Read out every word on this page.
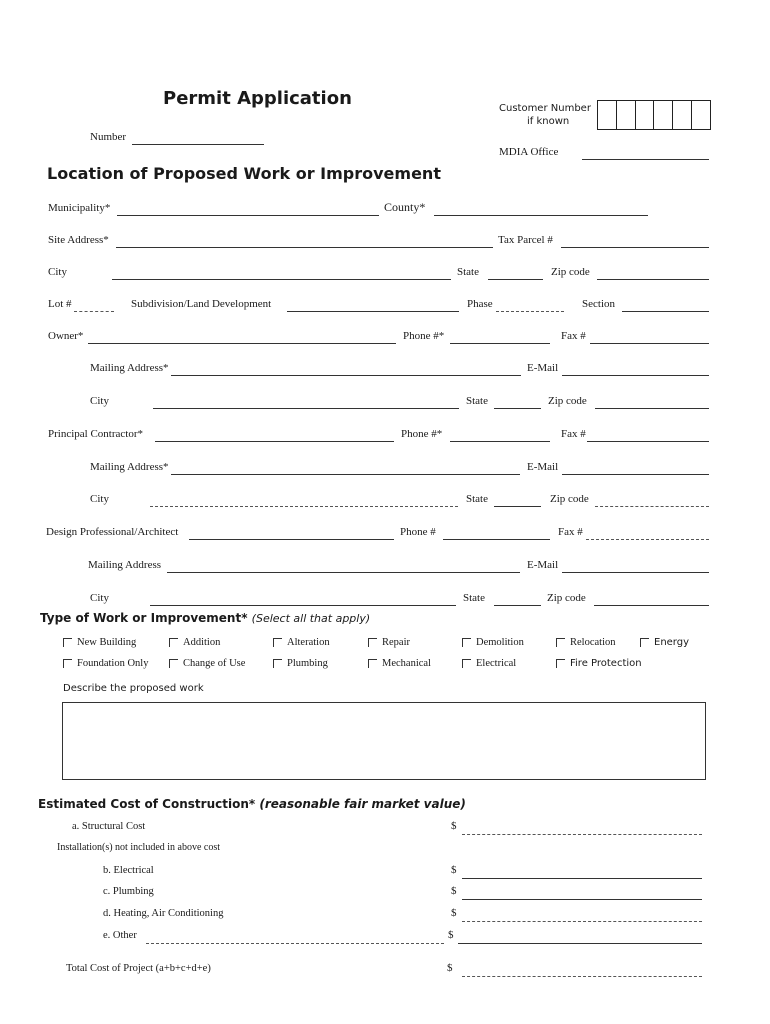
Permit Application
Number
Customer Number
if known
MDIA Office
Location of Proposed Work or Improvement
Municipality*	County*
Site Address*	Tax Parcel #
City	State	Zip code
Lot #	Subdivision/Land Development	Phase	Section
Owner*	Phone #*	Fax #
Mailing Address*	E-Mail
City	State	Zip code
Principal Contractor*	Phone #*	Fax #
Mailing Address*	E-Mail
City	State	Zip code
Design Professional/Architect	Phone #	Fax #
Mailing Address	E-Mail
City	State	Zip code
Type of Work or Improvement* (Select all that apply)
New Building	Addition	Alteration	Repair	Demolition	Relocation	Energy
Foundation Only	Change of Use	Plumbing	Mechanical	Electrical	Fire Protection
Describe the proposed work
Estimated Cost of Construction* (reasonable fair market value)
a. Structural Cost	$
Installation(s) not included in above cost
b. Electrical	$
c. Plumbing	$
d. Heating, Air Conditioning	$
e. Other	$
Total Cost of Project (a+b+c+d+e)	$
